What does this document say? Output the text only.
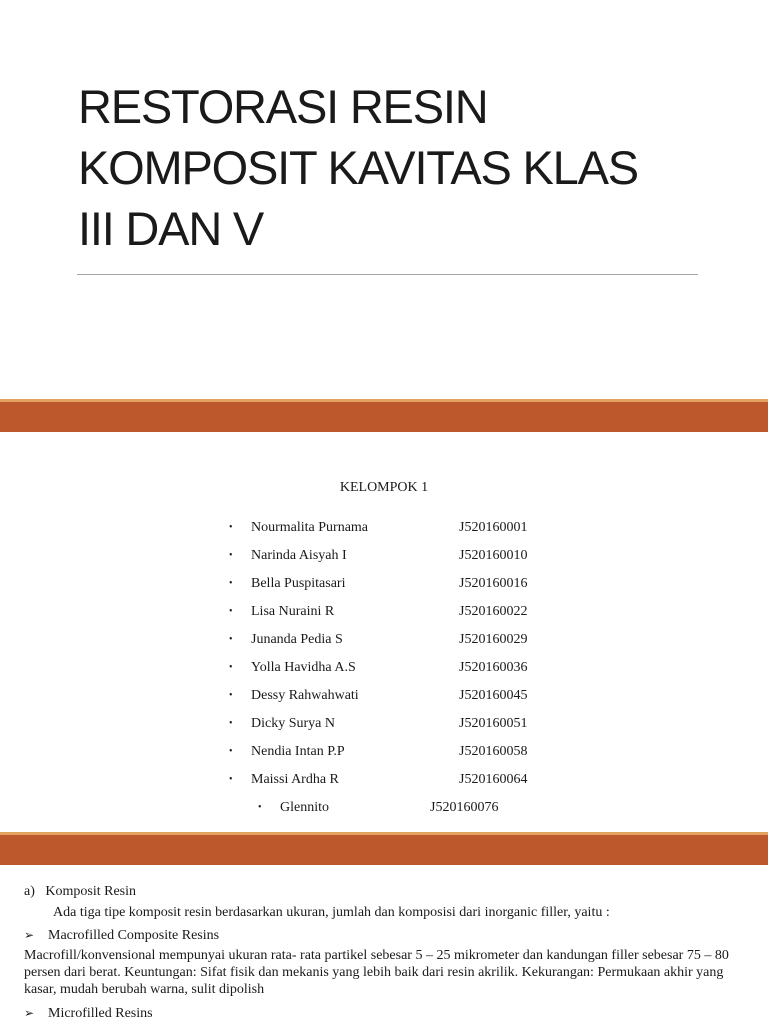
RESTORASI RESIN
KOMPOSIT KAVITAS KLAS
III DAN V
KELOMPOK 1
• Nourmalita Purnama	J520160001
• Narinda Aisyah I	J520160010
• Bella Puspitasari	J520160016
• Lisa Nuraini R	J520160022
• Junanda Pedia S	J520160029
• Yolla Havidha A.S	J520160036
• Dessy Rahwahwati	J520160045
• Dicky Surya N	J520160051
• Nendia Intan P.P	J520160058
• Maissi Ardha R	J520160064
• Glennito	J520160076
a) Komposit Resin
Ada tiga tipe komposit resin berdasarkan ukuran, jumlah dan komposisi dari inorganic filler, yaitu :
➢ Macrofilled Composite Resins
Macrofill/konvensional mempunyai ukuran rata- rata partikel sebesar 5 – 25 mikrometer dan kandungan filler sebesar 75 – 80 persen dari berat. Keuntungan: Sifat fisik dan mekanis yang lebih baik dari resin akrilik. Kekurangan: Permukaan akhir yang kasar, mudah berubah warna, sulit dipolish
➢ Microfilled Resins
